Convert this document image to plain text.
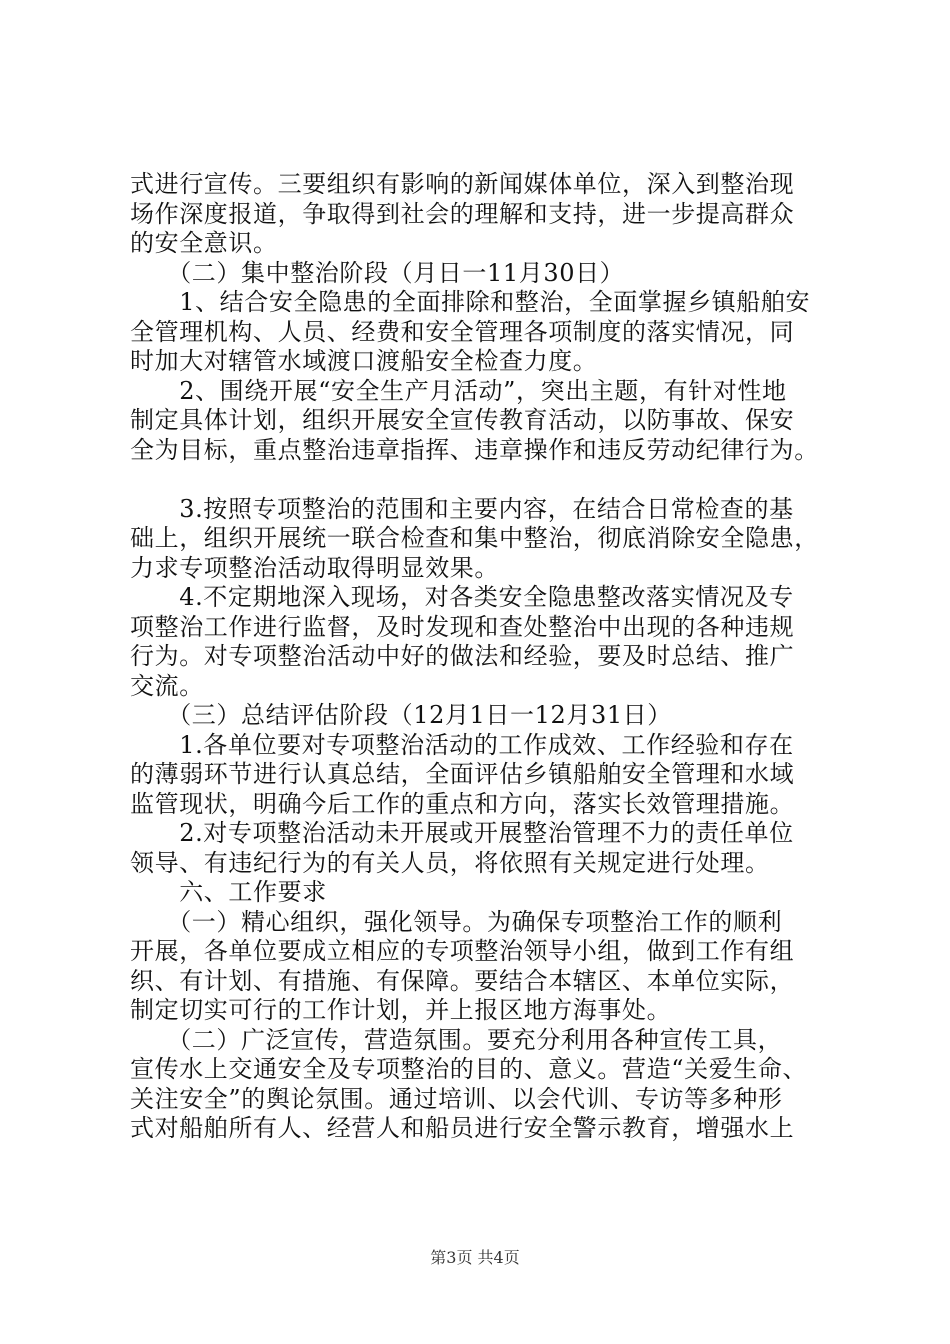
式进行宣传。三要组织有影响的新闻媒体单位，深入到整治现
场作深度报道，争取得到社会的理解和支持，进一步提高群众
的安全意识。
　　（二）集中整治阶段（月日一11月30日）
　　1、结合安全隐患的全面排除和整治，全面掌握乡镇船舶安
全管理机构、人员、经费和安全管理各项制度的落实情况，同
时加大对辖管水域渡口渡船安全检查力度。
　　2、围绕开展“安全生产月活动”，突出主题，有针对性地
制定具体计划，组织开展安全宣传教育活动，以防事故、保安
全为目标，重点整治违章指挥、违章操作和违反劳动纪律行为。
　　3.按照专项整治的范围和主要内容，在结合日常检查的基
础上，组织开展统一联合检查和集中整治，彻底消除安全隐患，
力求专项整治活动取得明显效果。
　　4.不定期地深入现场，对各类安全隐患整改落实情况及专
项整治工作进行监督，及时发现和查处整治中出现的各种违规
行为。对专项整治活动中好的做法和经验，要及时总结、推广
交流。
　　（三）总结评估阶段（12月1日一12月31日）
　　1.各单位要对专项整治活动的工作成效、工作经验和存在
的薄弱环节进行认真总结，全面评估乡镇船舶安全管理和水域
监管现状，明确今后工作的重点和方向，落实长效管理措施。
　　2.对专项整治活动未开展或开展整治管理不力的责任单位
领导、有违纪行为的有关人员，将依照有关规定进行处理。
　　六、工作要求
　　（一）精心组织，强化领导。为确保专项整治工作的顺利
开展，各单位要成立相应的专项整治领导小组，做到工作有组
织、有计划、有措施、有保障。要结合本辖区、本单位实际，
制定切实可行的工作计划，并上报区地方海事处。
　　（二）广泛宣传，营造氛围。要充分利用各种宣传工具，
宣传水上交通安全及专项整治的目的、意义。营造“关爱生命、
关注安全”的舆论氛围。通过培训、以会代训、专访等多种形
式对船舶所有人、经营人和船员进行安全警示教育，增强水上
第3页 共4页
